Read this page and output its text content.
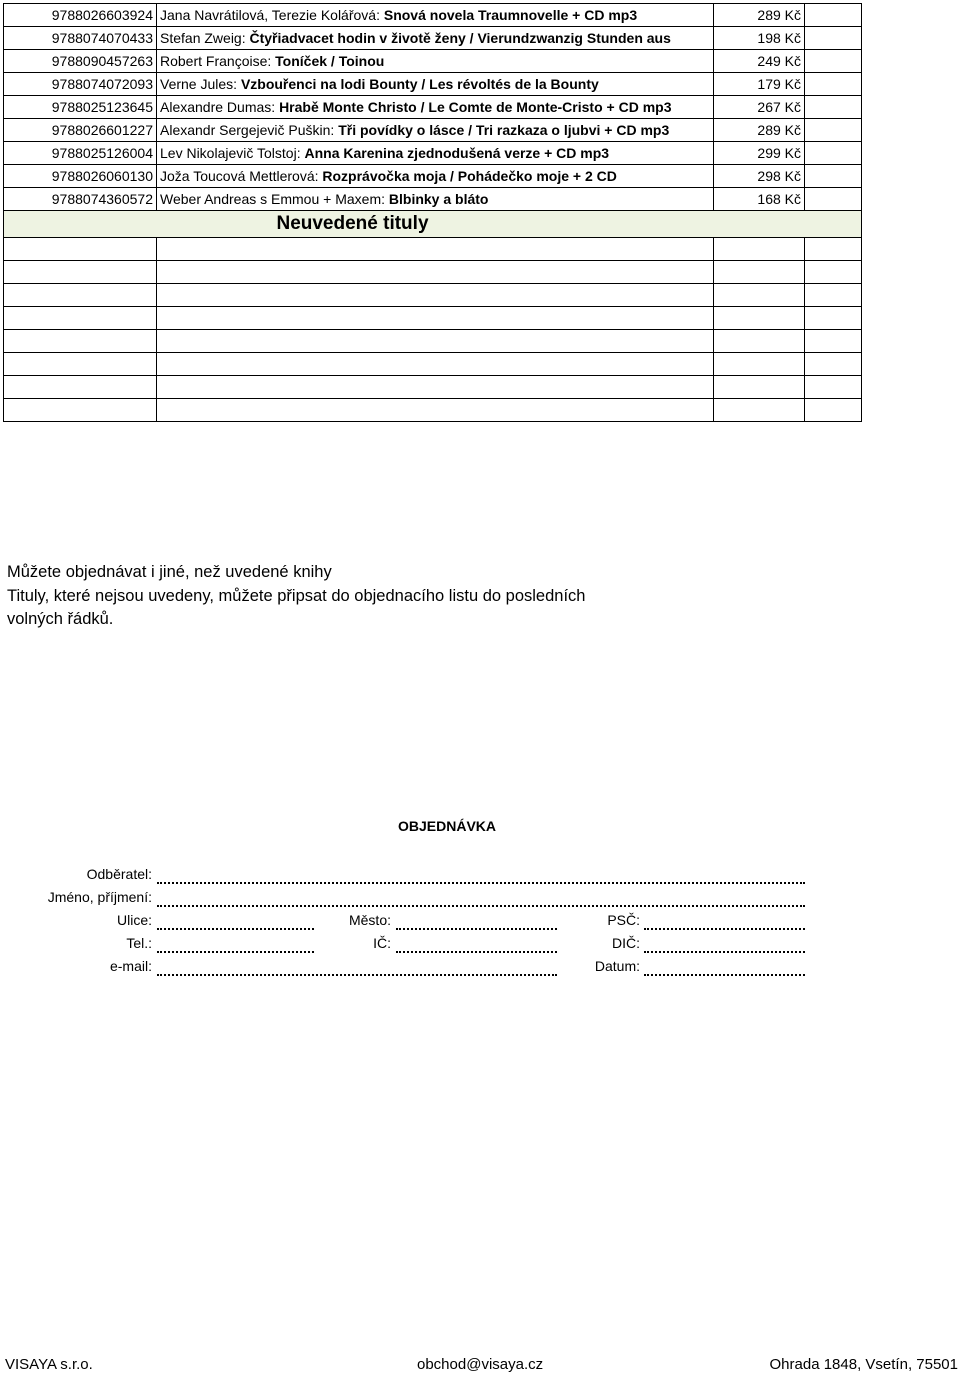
9788026603924	Jana Navrátilová, Terezie Kolářová: Snová novela Traumnovelle + CD mp3	289 Kč	
9788074070433	Stefan Zweig: Čtyřiadvacet hodin v životě ženy / Vierundzwanzig Stunden aus	198 Kč	
9788090457263	Robert Françoise: Toníček / Toinou	249 Kč	
9788074072093	Verne Jules: Vzbouřenci na lodi Bounty / Les révoltés de la Bounty	179 Kč	
9788025123645	Alexandre Dumas: Hrabě Monte Christo / Le Comte de Monte-Cristo + CD mp3	267 Kč	
9788026601227	Alexandr Sergejevič Puškin: Tři povídky o lásce / Tri razkaza o ljubvi + CD mp3	289 Kč	
9788025126004	Lev Nikolajevič Tolstoj: Anna Karenina zjednodušená verze + CD mp3	299 Kč	
9788026060130	Joža Toucová Mettlerová: Rozprávočka moja / Pohádečko moje + 2 CD	298 Kč	
9788074360572	Weber Andreas s Emmou + Maxem: Blbinky a bláto	168 Kč	
Neuvedené tituly			

Můžete objednávat i jiné, než uvedené knihy

Tituly, které nejsou uvedeny, můžete připsat do objednacího listu do posledních

volných řádků.

OBJEDNÁVKA
Odběratel:
Jméno, příjmení:
Ulice:	Město:	PSČ:
Tel.:	IČ:	DIČ:
e-mail:	Datum:
VISAYA s.r.o.	obchod@visaya.cz	Ohrada 1848, Vsetín, 75501
